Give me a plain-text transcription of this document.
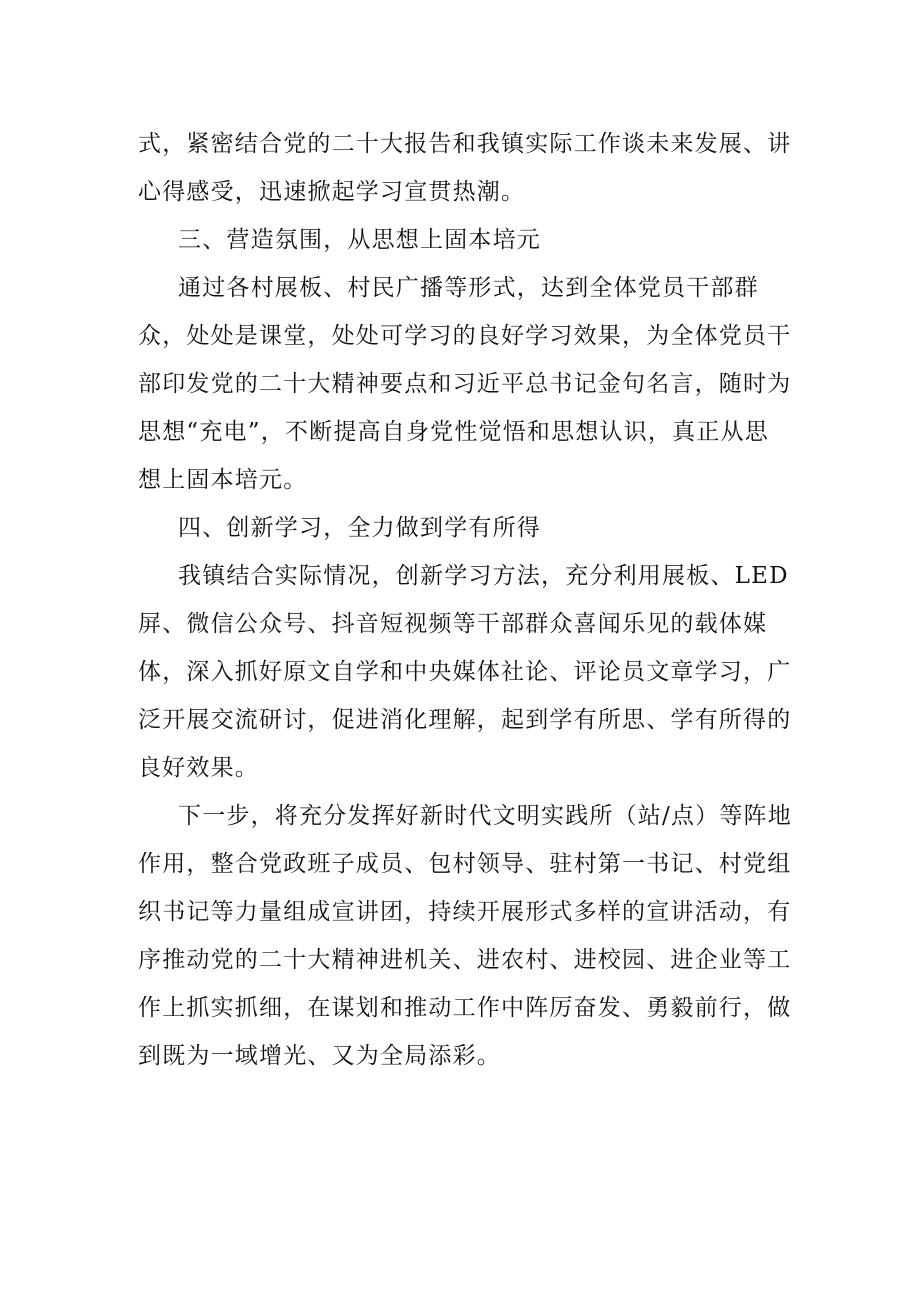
式，紧密结合党的二十大报告和我镇实际工作谈未来发展、讲
心得感受，迅速掀起学习宣贯热潮。

三、营造氛围，从思想上固本培元

通过各村展板、村民广播等形式，达到全体党员干部群
众，处处是课堂，处处可学习的良好学习效果，为全体党员干
部印发党的二十大精神要点和习近平总书记金句名言，随时为
思想“充电”，不断提高自身党性觉悟和思想认识，真正从思
想上固本培元。

四、创新学习，全力做到学有所得

我镇结合实际情况，创新学习方法，充分利用展板、LED
屏、微信公众号、抖音短视频等干部群众喜闻乐见的载体媒
体，深入抓好原文自学和中央媒体社论、评论员文章学习，广
泛开展交流研讨，促进消化理解，起到学有所思、学有所得的
良好效果。

下一步，将充分发挥好新时代文明实践所（站/点）等阵地
作用，整合党政班子成员、包村领导、驻村第一书记、村党组
织书记等力量组成宣讲团，持续开展形式多样的宣讲活动，有
序推动党的二十大精神进机关、进农村、进校园、进企业等工
作上抓实抓细，在谋划和推动工作中阵厉奋发、勇毅前行，做
到既为一域增光、又为全局添彩。
